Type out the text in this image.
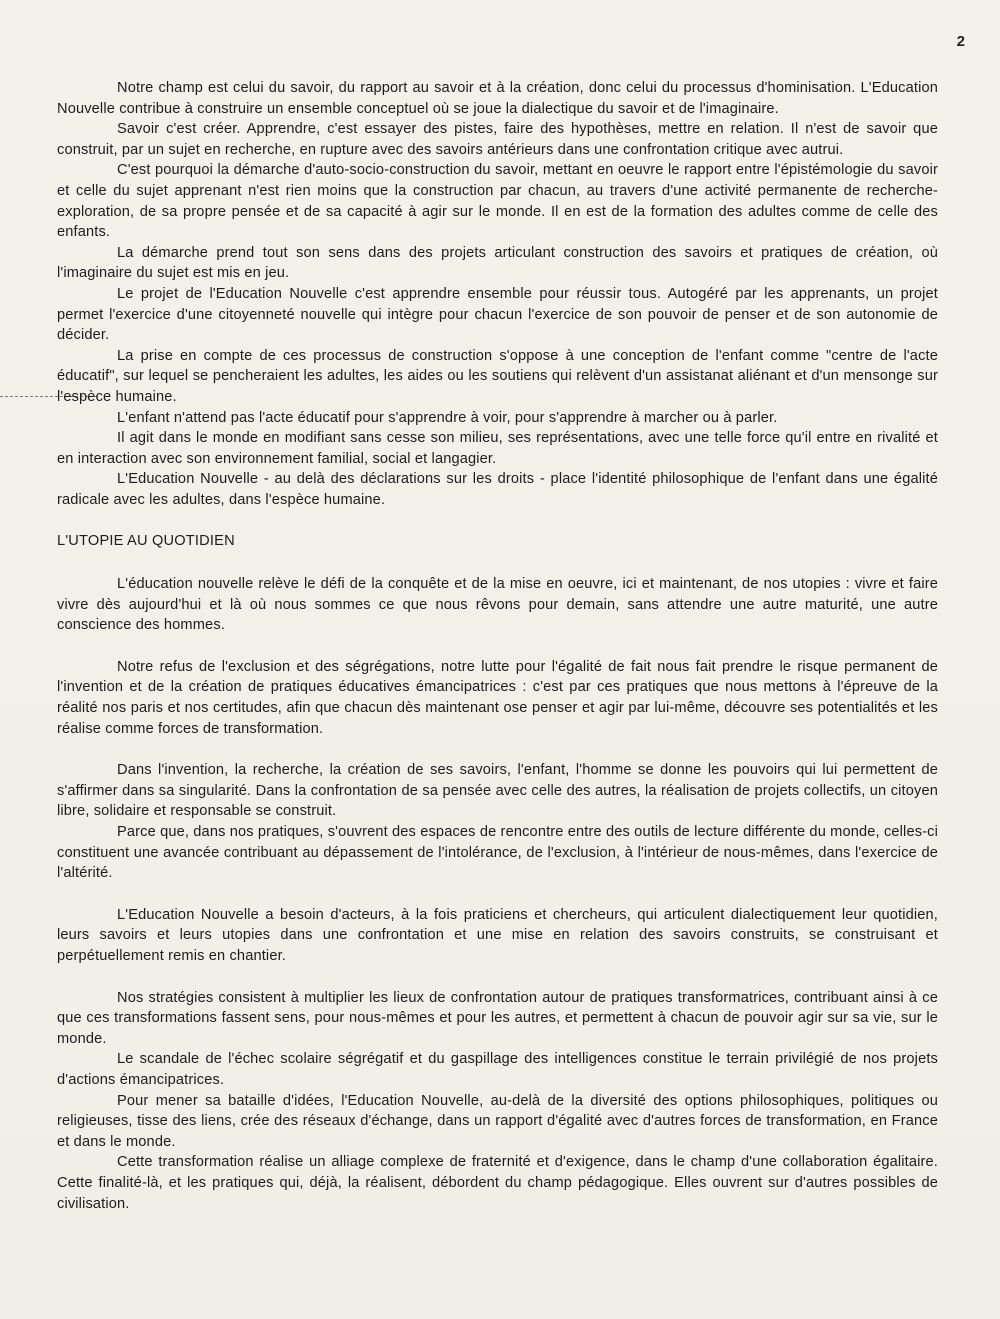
2

Notre champ est celui du savoir, du rapport au savoir et à la création, donc celui du processus d'hominisation. L'Education Nouvelle contribue à construire un ensemble conceptuel où se joue la dialectique du savoir et de l'imaginaire.

Savoir c'est créer. Apprendre, c'est essayer des pistes, faire des hypothèses, mettre en relation. Il n'est de savoir que construit, par un sujet en recherche, en rupture avec des savoirs antérieurs dans une confrontation critique avec autrui.

C'est pourquoi la démarche d'auto-socio-construction du savoir, mettant en oeuvre le rapport entre l'épistémologie du savoir et celle du sujet apprenant n'est rien moins que la construction par chacun, au travers d'une activité permanente de recherche-exploration, de sa propre pensée et de sa capacité à agir sur le monde. Il en est de la formation des adultes comme de celle des enfants.

La démarche prend tout son sens dans des projets articulant construction des savoirs et pratiques de création, où l'imaginaire du sujet est mis en jeu.

Le projet de l'Education Nouvelle c'est apprendre ensemble pour réussir tous. Autogéré par les apprenants, un projet permet l'exercice d'une citoyenneté nouvelle qui intègre pour chacun l'exercice de son pouvoir de penser et de son autonomie de décider.

La prise en compte de ces processus de construction s'oppose à une conception de l'enfant comme "centre de l'acte éducatif", sur lequel se pencheraient les adultes, les aides ou les soutiens qui relèvent d'un assistanat aliénant et d'un mensonge sur l'espèce humaine.

L'enfant n'attend pas l'acte éducatif pour s'apprendre à voir, pour s'apprendre à marcher ou à parler.

Il agit dans le monde en modifiant sans cesse son milieu, ses représentations, avec une telle force qu'il entre en rivalité et en interaction avec son environnement familial, social et langagier.

L'Education Nouvelle - au delà des déclarations sur les droits - place l'identité philosophique de l'enfant dans une égalité radicale avec les adultes, dans l'espèce humaine.

L'UTOPIE AU QUOTIDIEN

L'éducation nouvelle relève le défi de la conquête et de la mise en oeuvre, ici et maintenant, de nos utopies : vivre et faire vivre dès aujourd'hui et là où nous sommes ce que nous rêvons pour demain, sans attendre une autre maturité, une autre conscience des hommes.

Notre refus de l'exclusion et des ségrégations, notre lutte pour l'égalité de fait nous fait prendre le risque permanent de l'invention et de la création de pratiques éducatives émancipatrices : c'est par ces pratiques que nous mettons à l'épreuve de la réalité nos paris et nos certitudes, afin que chacun dès maintenant ose penser et agir par lui-même, découvre ses potentialités et les réalise comme forces de transformation.

Dans l'invention, la recherche, la création de ses savoirs, l'enfant, l'homme se donne les pouvoirs qui lui permettent de s'affirmer dans sa singularité. Dans la confrontation de sa pensée avec celle des autres, la réalisation de projets collectifs, un citoyen libre, solidaire et responsable se construit.

Parce que, dans nos pratiques, s'ouvrent des espaces de rencontre entre des outils de lecture différente du monde, celles-ci constituent une avancée contribuant au dépassement de l'intolérance, de l'exclusion, à l'intérieur de nous-mêmes, dans l'exercice de l'altérité.

L'Education Nouvelle a besoin d'acteurs, à la fois praticiens et chercheurs, qui articulent dialectiquement leur quotidien, leurs savoirs et leurs utopies dans une confrontation et une mise en relation des savoirs construits, se construisant et perpétuellement remis en chantier.

Nos stratégies consistent à multiplier les lieux de confrontation autour de pratiques transformatrices, contribuant ainsi à ce que ces transformations fassent sens, pour nous-mêmes et pour les autres, et permettent à chacun de pouvoir agir sur sa vie, sur le monde.

Le scandale de l'échec scolaire ségrégatif et du gaspillage des intelligences constitue le terrain privilégié de nos projets d'actions émancipatrices.

Pour mener sa bataille d'idées, l'Education Nouvelle, au-delà de la diversité des options philosophiques, politiques ou religieuses, tisse des liens, crée des réseaux d'échange, dans un rapport d'égalité avec d'autres forces de transformation, en France et dans le monde.

Cette transformation réalise un alliage complexe de fraternité et d'exigence, dans le champ d'une collaboration égalitaire. Cette finalité-là, et les pratiques qui, déjà, la réalisent, débordent du champ pédagogique. Elles ouvrent sur d'autres possibles de civilisation.
